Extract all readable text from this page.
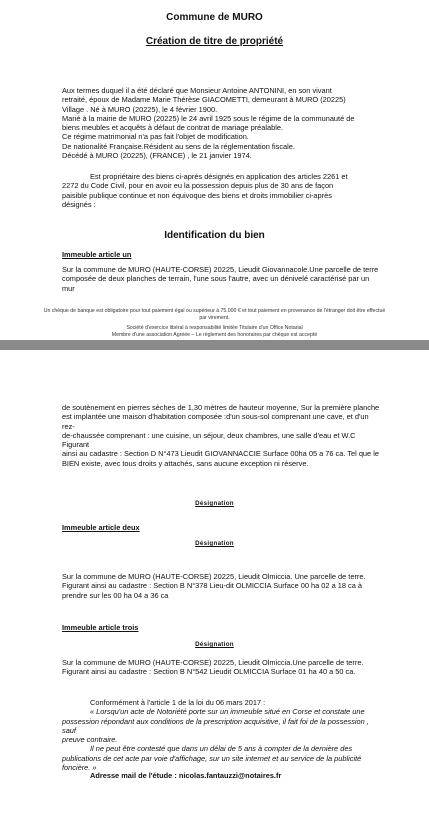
Commune de MURO
Création de titre de propriété
Aux termes duquel il a été déclaré que Monsieur Antoine ANTONINI, en son vivant
retraité, époux de Madame Marie Thérèse GIACOMETTI, demeurant à MURO (20225)
Village . Né à MURO (20225), le 4 février 1900.
Marié à la mairie de MURO (20225) le 24 avril 1925 sous le régime de la communauté de
biens meubles et acquêts à défaut de contrat de mariage préalable.
Ce régime matrimonial n'a pas fait l'objet de modification.
De nationalité Française.Résident au sens de la réglementation fiscale.
Décédé à MURO (20225), (FRANCE) , le 21 janvier 1974.
Est propriétaire des biens ci-après désignés en application des articles 2261 et
2272 du Code Civil, pour en avoir eu la possession depuis plus de 30 ans de façon
paisible publique continue et non équivoque des biens et droits immobilier ci-après
désignés :
Identification du bien
Immeuble article un
Sur la commune de MURO (HAUTE-CORSE) 20225, Lieudit Giovannacole.Une parcelle de terre
composée de deux planches de terrain, l'une sous l'autre, avec un dénivelé caractérisé par un mur
Un chèque de banque est obligatoire pour tout paiement égal ou supérieur à 75.000 € et tout paiement en provenance de l'étranger doit être effectué
par virement.
Société d'exercice libéral à responsabilité limitée Titulaire d'un Office Notarial
Membre d'une association Agréée – Le règlement des honoraires par chèque est accepté
de soutènement en pierres sèches de 1,30 mètres de hauteur moyenne, Sur la première planche
est implantée une maison d'habitation composée :d'un sous-sol comprenant une cave, et d'un rez-
de-chaussée comprenant : une cuisine, un séjour, deux chambres, une salle d'eau et W.C Figurant
ainsi au cadastre : Section D N°473 Lieudit GIOVANNACCIE Surface 00ha 05 a 76 ca. Tel que le
BIEN existe, avec tous droits y attachés, sans aucune exception ni réserve.
Désignation
Immeuble article deux
Désignation
Sur la commune de MURO (HAUTE-CORSE) 20225, Lieudit Olmiccia. Une parcelle de terre.
Figurant ainsi au cadastre : Section B N°378 Lieu-dit OLMICCIA Surface 00 ha 02 a 18 ca à
prendre sur les 00 ha 04 a 36 ca
Immeuble article trois
Désignation
Sur la commune de MURO (HAUTE-CORSE) 20225, Lieudit Olmiccia.Une parcelle de terre.
Figurant ainsi au cadastre : Section B N°542 Lieudit OLMICCIA Surface 01 ha 40 a 50 ca.
Conformément à l'article 1 de la loi du 06 mars 2017 :
« Lorsqu'un acte de Notoriété porte sur un immeuble situé en Corse et constate une
possession répondant aux conditions de la prescription acquisitive, il fait foi de la possession , sauf
preuve contraire.
Il ne peut être contesté que dans un délai de 5 ans à compter de la dernière des
publications de cet acte par voie d'affichage, sur un site internet et au service de la publicité
foncière. »
Adresse mail de l'étude : nicolas.fantauzzi@notaires.fr
